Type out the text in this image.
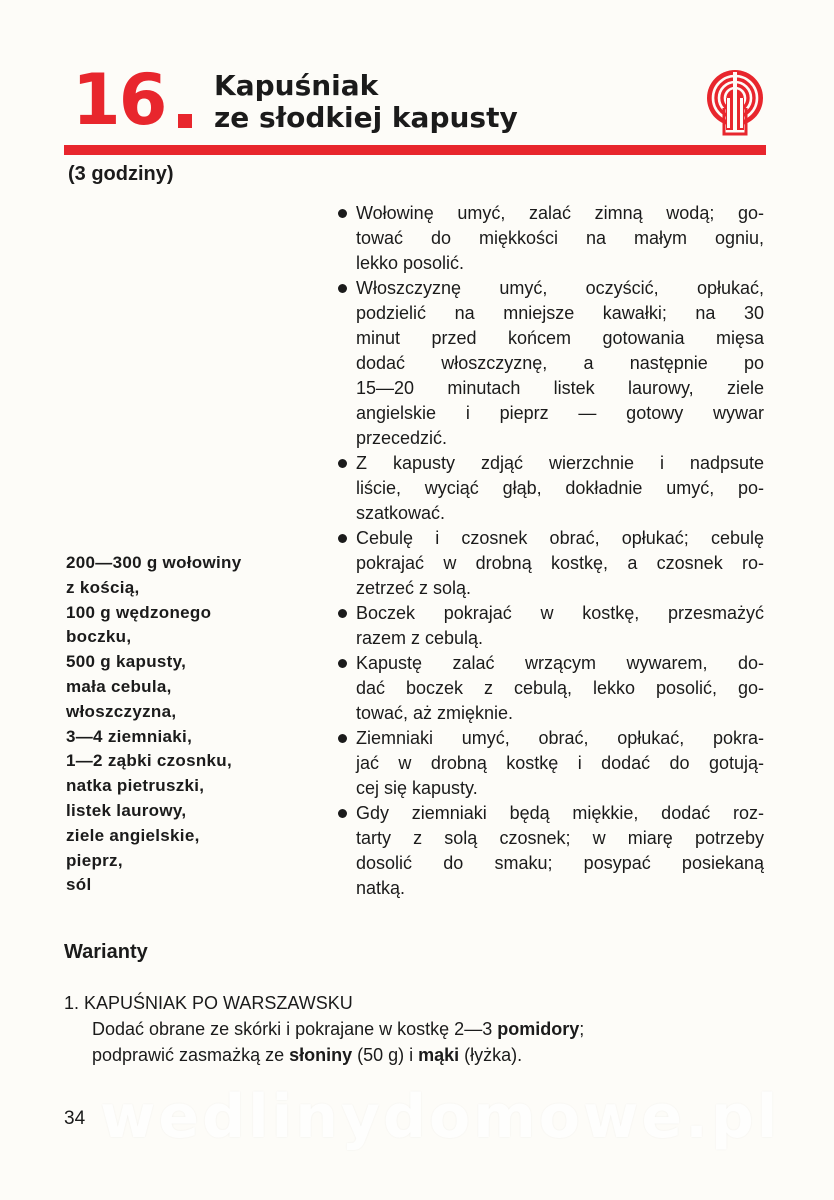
16 Kapuśniak
ze słodkiej kapusty
(3 godziny)
200—300 g wołowiny
z kością,
100 g wędzonego
boczku,
500 g kapusty,
mała cebula,
włoszczyzna,
3—4 ziemniaki,
1—2 ząbki czosnku,
natka pietruszki,
listek laurowy,
ziele angielskie,
pieprz,
sól
Wołowinę umyć, zalać zimną wodą; go-
tować do miękkości na małym ogniu,
lekko posolić.
Włoszczyznę umyć, oczyścić, opłukać,
podzielić na mniejsze kawałki; na 30
minut przed końcem gotowania mięsa
dodać włoszczyznę, a następnie po
15—20 minutach listek laurowy, ziele
angielskie i pieprz — gotowy wywar
przecedzić.
Z kapusty zdjąć wierzchnie i nadpsute
liście, wyciąć głąb, dokładnie umyć, po-
szatkować.
Cebulę i czosnek obrać, opłukać; cebulę
pokrajać w drobną kostkę, a czosnek ro-
zetrzeć z solą.
Boczek pokrajać w kostkę, przesmażyć
razem z cebulą.
Kapustę zalać wrzącym wywarem, do-
dać boczek z cebulą, lekko posolić, go-
tować, aż zmięknie.
Ziemniaki umyć, obrać, opłukać, pokra-
jać w drobną kostkę i dodać do gotują-
cej się kapusty.
Gdy ziemniaki będą miękkie, dodać roz-
tarty z solą czosnek; w miarę potrzeby
dosolić do smaku; posypać posiekaną
natką.
Warianty
1. KAPUŚNIAK PO WARSZAWSKU
Dodać obrane ze skórki i pokrajane w kostkę 2—3 pomidory;
podprawić zasmażką ze słoniny (50 g) i mąki (łyżka).
34 wedlinydomowe.pl
